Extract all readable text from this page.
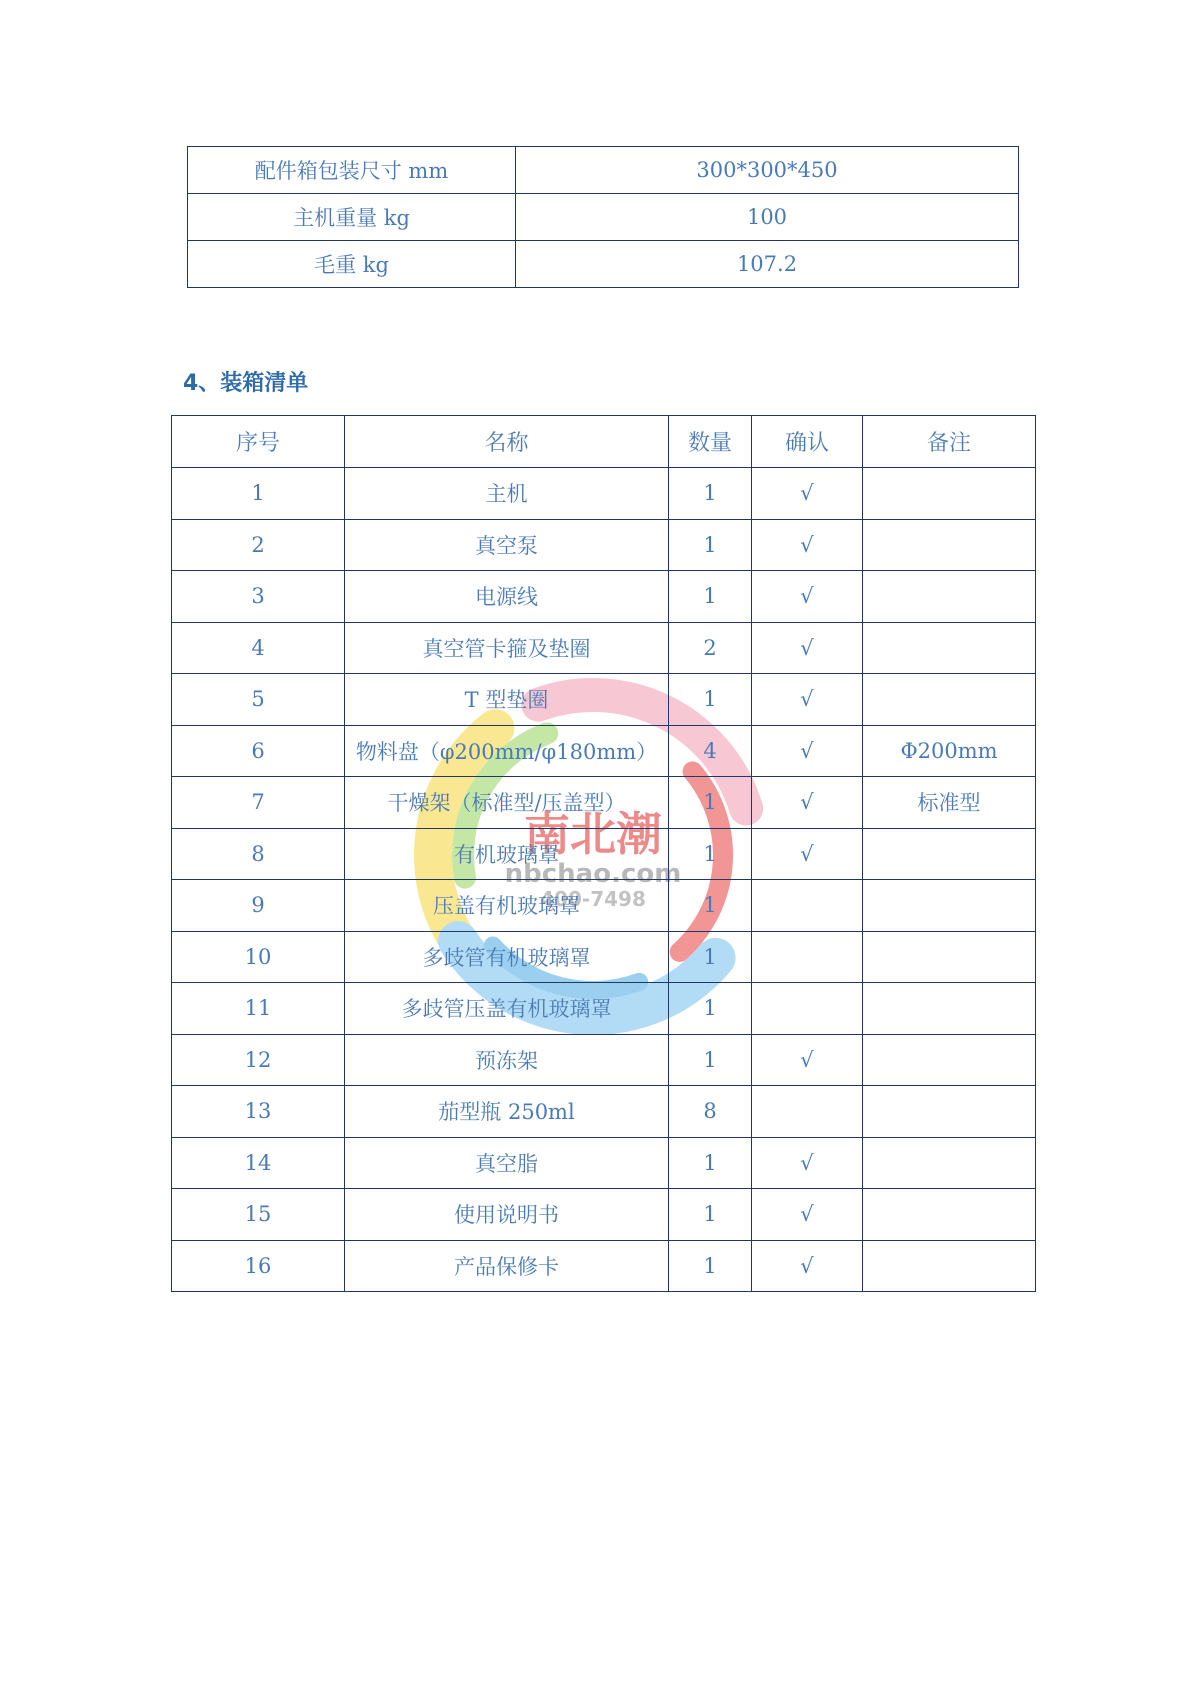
南北潮
nbchao.com
400-7498
配件箱包装尺寸 mm	300*300*450
主机重量 kg	100
毛重 kg	107.2
4、装箱清单
序号	名称	数量	确认	备注
1	主机	1	√	
2	真空泵	1	√	
3	电源线	1	√	
4	真空管卡箍及垫圈	2	√	
5	T 型垫圈	1	√	
6	物料盘（φ200mm/φ180mm）	4	√	Φ200mm
7	干燥架（标准型/压盖型）	1	√	标准型
8	有机玻璃罩	1	√	
9	压盖有机玻璃罩	1		
10	多歧管有机玻璃罩	1		
11	多歧管压盖有机玻璃罩	1		
12	预冻架	1	√	
13	茄型瓶 250ml	8		
14	真空脂	1	√	
15	使用说明书	1	√	
16	产品保修卡	1	√	
